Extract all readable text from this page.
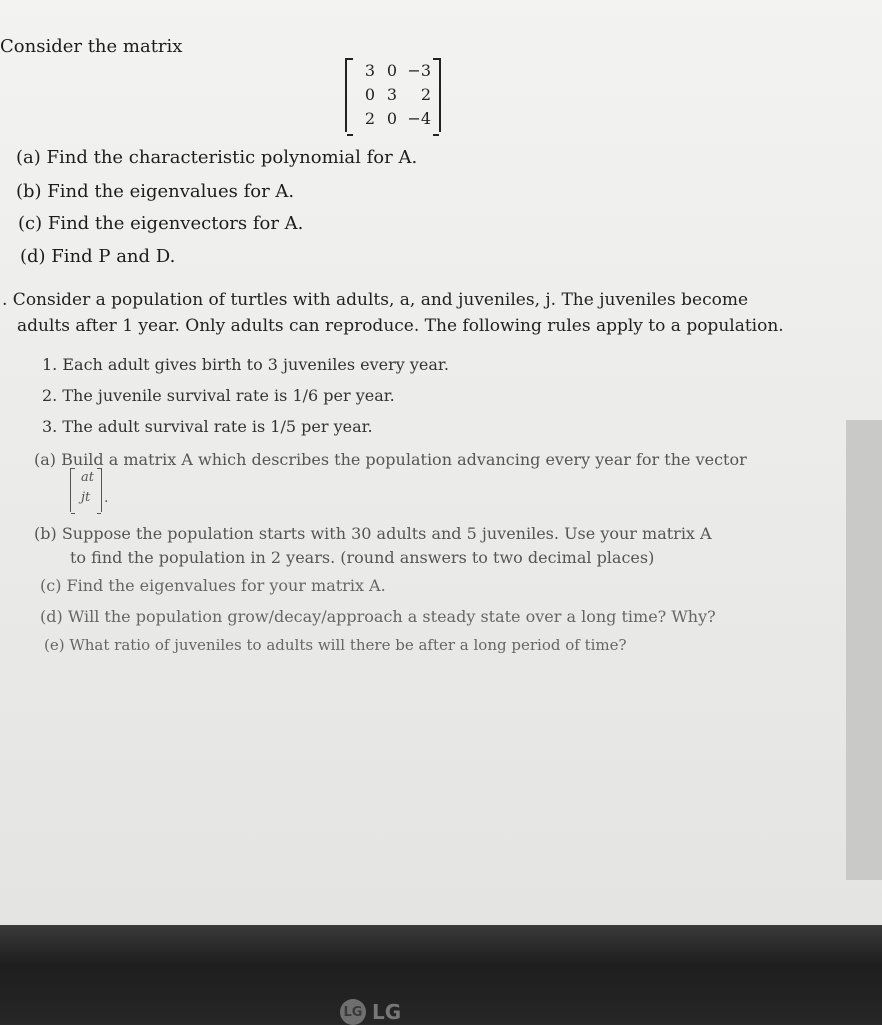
Consider the matrix
3 0 −3
0 3	2
2 0 −4
(a) Find the characteristic polynomial for A.
(b) Find the eigenvalues for A.
(c) Find the eigenvectors for A.
(d) Find P and D.
. Consider a population of turtles with adults, a, and juveniles, j. The juveniles become
adults after 1 year. Only adults can reproduce. The following rules apply to a population.
1. Each adult gives birth to 3 juveniles every year.
2. The juvenile survival rate is 1/6 per year.
3. The adult survival rate is 1/5 per year.
(a) Build a matrix A which describes the population advancing every year for the vector
at
jt .
(b) Suppose the population starts with 30 adults and 5 juveniles. Use your matrix A
to find the population in 2 years. (round answers to two decimal places)
(c) Find the eigenvalues for your matrix A.
(d) Will the population grow/decay/approach a steady state over a long time? Why?
(e) What ratio of juveniles to adults will there be after a long period of time?
LG LG
